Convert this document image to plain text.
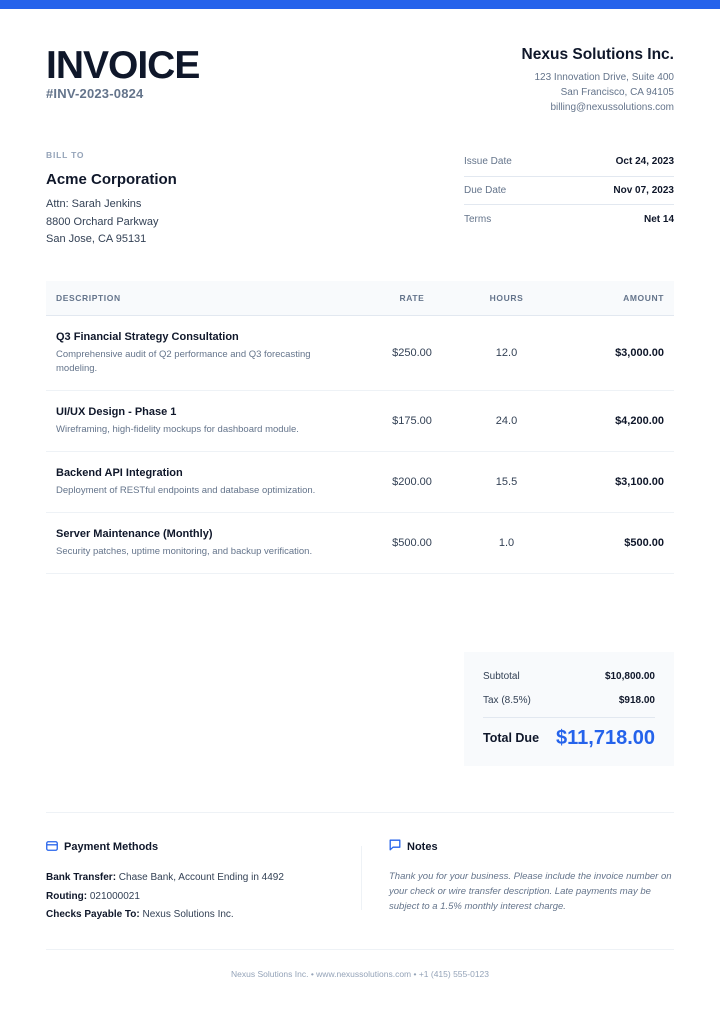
INVOICE
#INV-2023-0824
Nexus Solutions Inc.
123 Innovation Drive, Suite 400
San Francisco, CA 94105
billing@nexussolutions.com
BILL TO
Acme Corporation
Attn: Sarah Jenkins
8800 Orchard Parkway
San Jose, CA 95131
Issue Date	Oct 24, 2023
Due Date	Nov 07, 2023
Terms	Net 14
DESCRIPTION	RATE	HOURS	AMOUNT
Q3 Financial Strategy Consultation
Comprehensive audit of Q2 performance and Q3 forecasting modeling.
$250.00	12.0	$3,000.00
UI/UX Design - Phase 1
Wireframing, high-fidelity mockups for dashboard module.
$175.00	24.0	$4,200.00
Backend API Integration
Deployment of RESTful endpoints and database optimization.
$200.00	15.5	$3,100.00
Server Maintenance (Monthly)
Security patches, uptime monitoring, and backup verification.
$500.00	1.0	$500.00
Subtotal	$10,800.00
Tax (8.5%)	$918.00
Total Due $11,718.00
Payment Methods
Bank Transfer: Chase Bank, Account Ending in 4492
Routing: 021000021
Checks Payable To: Nexus Solutions Inc.
Notes
Thank you for your business. Please include the invoice number on your check or wire transfer description. Late payments may be subject to a 1.5% monthly interest charge.
Nexus Solutions Inc. • www.nexussolutions.com • +1 (415) 555-0123
